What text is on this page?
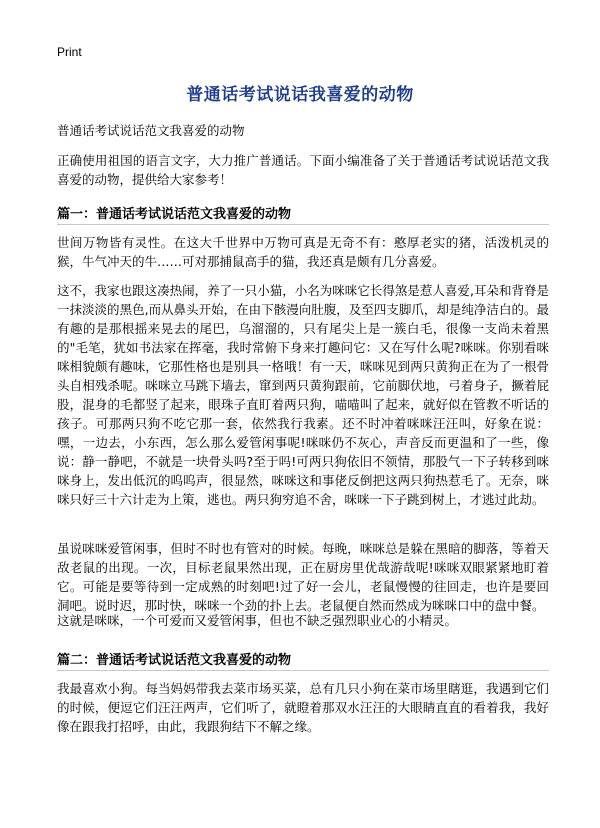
Print
普通话考试说话我喜爱的动物
普通话考试说话范文我喜爱的动物
正确使用祖国的语言文字，大力推广普通话。下面小编准备了关于普通话考试说话范文我喜爱的动物，提供给大家参考！
篇一：普通话考试说话范文我喜爱的动物
世间万物皆有灵性。在这大千世界中万物可真是无奇不有：憨厚老实的猪，活泼机灵的猴，牛气冲天的牛……可对那捕鼠高手的猫，我还真是颇有几分喜爱。
这不，我家也跟这凑热闹，养了一只小猫，小名为咪咪它长得煞是惹人喜爱,耳朵和背脊是一抹淡淡的黑色,而从鼻头开始，在由下骸漫向肚腹，及至四支脚爪，却是纯净洁白的。最有趣的是那根摇来晃去的尾巴，乌溜溜的，只有尾尖上是一簇白毛，很像一支尚未着黑的"毛笔，犹如书法家在挥毫，我时常俯下身来打趣问它：又在写什么呢?咪咪。你别看咪咪相貌颇有趣味，它那性格也是别具一格哦！有一天，咪咪见到两只黄狗正在为了一根骨头自相残杀呢。咪咪立马跳下墙去，窜到两只黄狗跟前，它前脚伏地，弓着身子，撅着屁股，混身的毛都竖了起来，眼珠子直盯着两只狗，喵喵叫了起来，就好似在管教不听话的孩子。可那两只狗不吃它那一套，依然我行我素。还不时冲着咪咪汪汪叫，好象在说：嘿，一边去，小东西，怎么那么爱管闲事呢!咪咪仍不灰心，声音反而更温和了一些，像说：静一静吧，不就是一块骨头吗?至于吗!可两只狗依旧不领情，那股气一下子转移到咪咪身上，发出低沉的呜呜声，很显然，咪咪这和事佬反倒把这两只狗热惹毛了。无奈，咪咪只好三十六计走为上策，逃也。两只狗穷追不舍，咪咪一下子跳到树上，才逃过此劫。
虽说咪咪爱管闲事，但时不时也有管对的时候。每晚，咪咪总是躲在黑暗的脚落，等着天敌老鼠的出现。一次，目标老鼠果然出现，正在厨房里优哉游哉呢!咪咪双眼紧紧地盯着它。可能是要等待到一定成熟的时刻吧!过了好一会儿，老鼠慢慢的往回走，也许是要回洞吧。说时迟，那时快，咪咪一个劲的扑上去。老鼠便自然而然成为咪咪口中的盘中餐。
这就是咪咪，一个可爱而又爱管闲事，但也不缺乏强烈职业心的小精灵。
篇二：普通话考试说话范文我喜爱的动物
我最喜欢小狗。每当妈妈带我去菜市场买菜，总有几只小狗在菜市场里瞎逛，我遇到它们的时候，便逗它们汪汪两声，它们听了，就瞪着那双水汪汪的大眼睛直直的看着我，我好像在跟我打招呼，由此，我跟狗结下不解之缘。
